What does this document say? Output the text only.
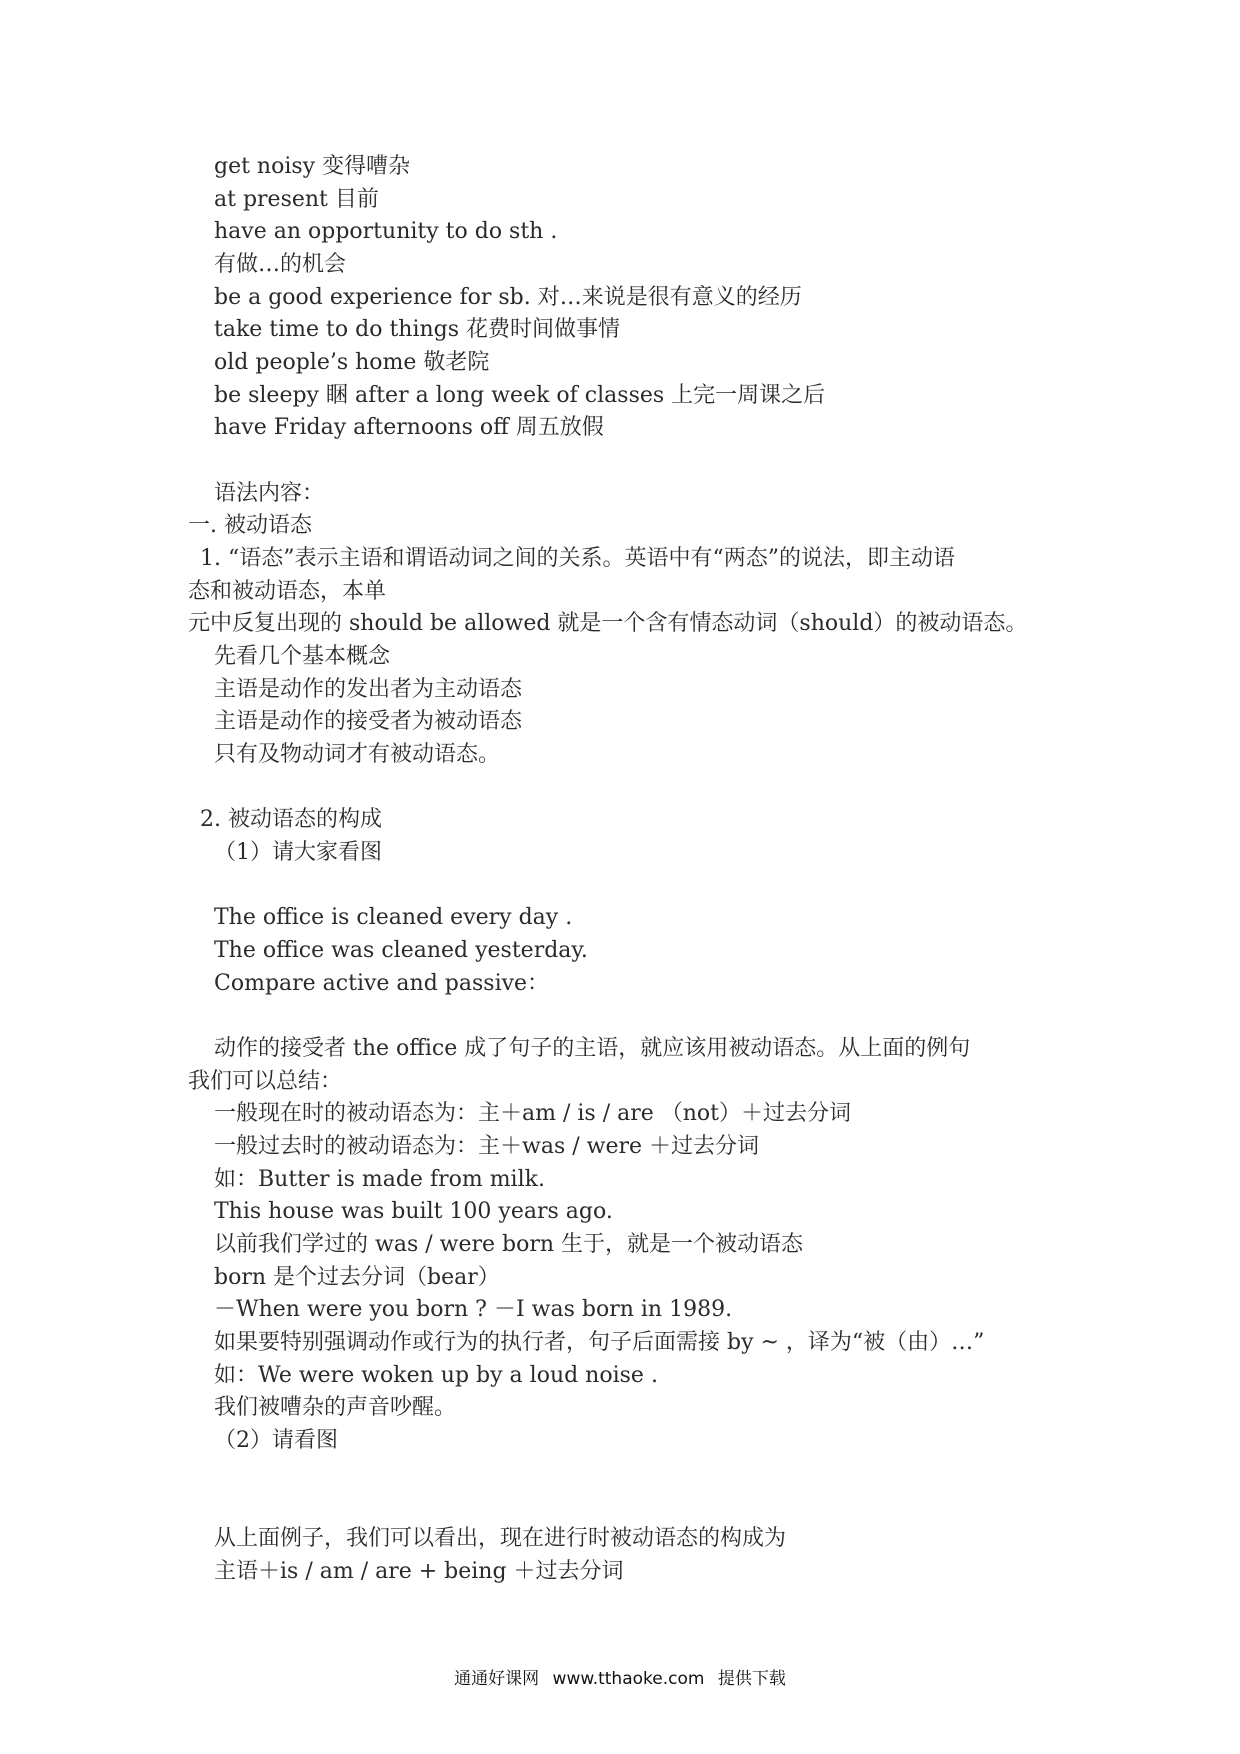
get noisy 变得嘈杂
at present 目前
have an opportunity to do sth .
有做…的机会
be a good experience for sb. 对…来说是很有意义的经历
take time to do things 花费时间做事情
old people’s home 敬老院
be sleepy 睏 after a long week of classes 上完一周课之后
have Friday afternoons off 周五放假
语法内容：
一. 被动语态
1. “语态”表示主语和谓语动词之间的关系。英语中有“两态”的说法，即主动语
态和被动语态，本单
元中反复出现的 should be allowed 就是一个含有情态动词（should）的被动语态。
先看几个基本概念
主语是动作的发出者为主动语态
主语是动作的接受者为被动语态
只有及物动词才有被动语态。
2. 被动语态的构成
（1）请大家看图
The office is cleaned every day .
The office was cleaned yesterday.
Compare active and passive：
动作的接受者 the office 成了句子的主语，就应该用被动语态。从上面的例句
我们可以总结：
一般现在时的被动语态为：主＋am / is / are （not）＋过去分词
一般过去时的被动语态为：主＋was / were ＋过去分词
如：Butter is made from milk.
This house was built 100 years ago.
以前我们学过的 was / were born 生于，就是一个被动语态
born 是个过去分词（bear）
－When were you born ? －I was born in 1989.
如果要特别强调动作或行为的执行者，句子后面需接 by ~ ，译为“被（由）…”
如：We were woken up by a loud noise .
我们被嘈杂的声音吵醒。
（2）请看图
从上面例子，我们可以看出，现在进行时被动语态的构成为
主语＋is / am / are + being ＋过去分词
通通好课网 www.tthaoke.com 提供下载
